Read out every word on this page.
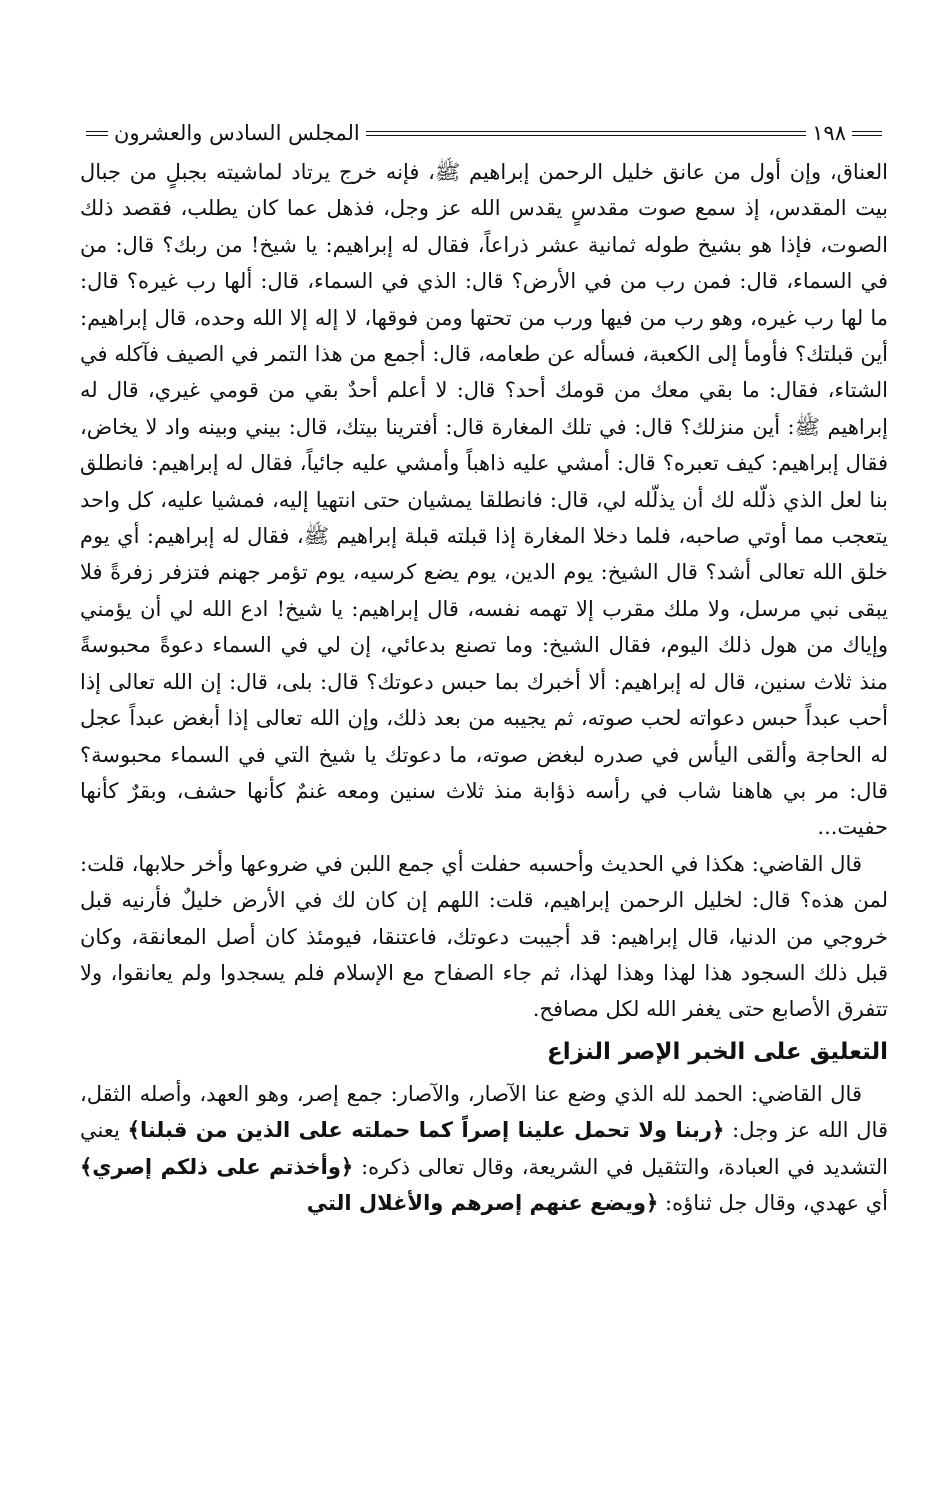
١٩٨
المجلس السادس والعشرون

العناق، وإن أول من عانق خليل الرحمن إبراهيم ﷺ، فإنه خرج يرتاد لماشيته بجبلٍ من جبال بيت المقدس، إذ سمع صوت مقدسٍ يقدس الله عز وجل، فذهل عما كان يطلب، فقصد ذلك الصوت، فإذا هو بشيخ طوله ثمانية عشر ذراعاً، فقال له إبراهيم: يا شيخ! من ربك؟ قال: من في السماء، قال: فمن رب من في الأرض؟ قال: الذي في السماء، قال: ألها رب غيره؟ قال: ما لها رب غيره، وهو رب من فيها ورب من تحتها ومن فوقها، لا إله إلا الله وحده، قال إبراهيم: أين قبلتك؟ فأومأ إلى الكعبة، فسأله عن طعامه، قال: أجمع من هذا التمر في الصيف فآكله في الشتاء، فقال: ما بقي معك من قومك أحد؟ قال: لا أعلم أحدٌ بقي من قومي غيري، قال له إبراهيم ﷺ: أين منزلك؟ قال: في تلك المغارة قال: أفترينا بيتك، قال: بيني وبينه واد لا يخاض، فقال إبراهيم: كيف تعبره؟ قال: أمشي عليه ذاهباً وأمشي عليه جائياً، فقال له إبراهيم: فانطلق بنا لعل الذي ذلّله لك أن يذلّله لي، قال: فانطلقا يمشيان حتى انتهيا إليه، فمشيا عليه، كل واحد يتعجب مما أوتي صاحبه، فلما دخلا المغارة إذا قبلته قبلة إبراهيم ﷺ، فقال له إبراهيم: أي يوم خلق الله تعالى أشد؟ قال الشيخ: يوم الدين، يوم يضع كرسيه، يوم تؤمر جهنم فتزفر زفرةً فلا يبقى نبي مرسل، ولا ملك مقرب إلا تهمه نفسه، قال إبراهيم: يا شيخ! ادع الله لي أن يؤمني وإياك من هول ذلك اليوم، فقال الشيخ: وما تصنع بدعائي، إن لي في السماء دعوةً محبوسةً منذ ثلاث سنين، قال له إبراهيم: ألا أخبرك بما حبس دعوتك؟ قال: بلى، قال: إن الله تعالى إذا أحب عبداً حبس دعواته لحب صوته، ثم يجيبه من بعد ذلك، وإن الله تعالى إذا أبغض عبداً عجل له الحاجة وألقى اليأس في صدره لبغض صوته، ما دعوتك يا شيخ التي في السماء محبوسة؟ قال: مر بي هاهنا شاب في رأسه ذؤابة منذ ثلاث سنين ومعه غنمٌ كأنها حشف، وبقرٌ كأنها حفيت...

قال القاضي: هكذا في الحديث وأحسبه حفلت أي جمع اللبن في ضروعها وأخر حلابها، قلت: لمن هذه؟ قال: لخليل الرحمن إبراهيم، قلت: اللهم إن كان لك في الأرض خليلٌ فأرنيه قبل خروجي من الدنيا، قال إبراهيم: قد أجيبت دعوتك، فاعتنقا، فيومئذ كان أصل المعانقة، وكان قبل ذلك السجود هذا لهذا وهذا لهذا، ثم جاء الصفاح مع الإسلام فلم يسجدوا ولم يعانقوا، ولا تتفرق الأصابع حتى يغفر الله لكل مصافح.

التعليق على الخبر الإصر النزاع

قال القاضي: الحمد لله الذي وضع عنا الآصار، والآصار: جمع إصر، وهو العهد، وأصله الثقل، قال الله عز وجل: ﴿ربنا ولا تحمل علينا إصراً كما حملته على الذين من قبلنا﴾ يعني التشديد في العبادة، والتثقيل في الشريعة، وقال تعالى ذكره: ﴿وأخذتم على ذلكم إصري﴾ أي عهدي، وقال جل ثناؤه: ﴿ويضع عنهم إصرهم والأغلال التي
